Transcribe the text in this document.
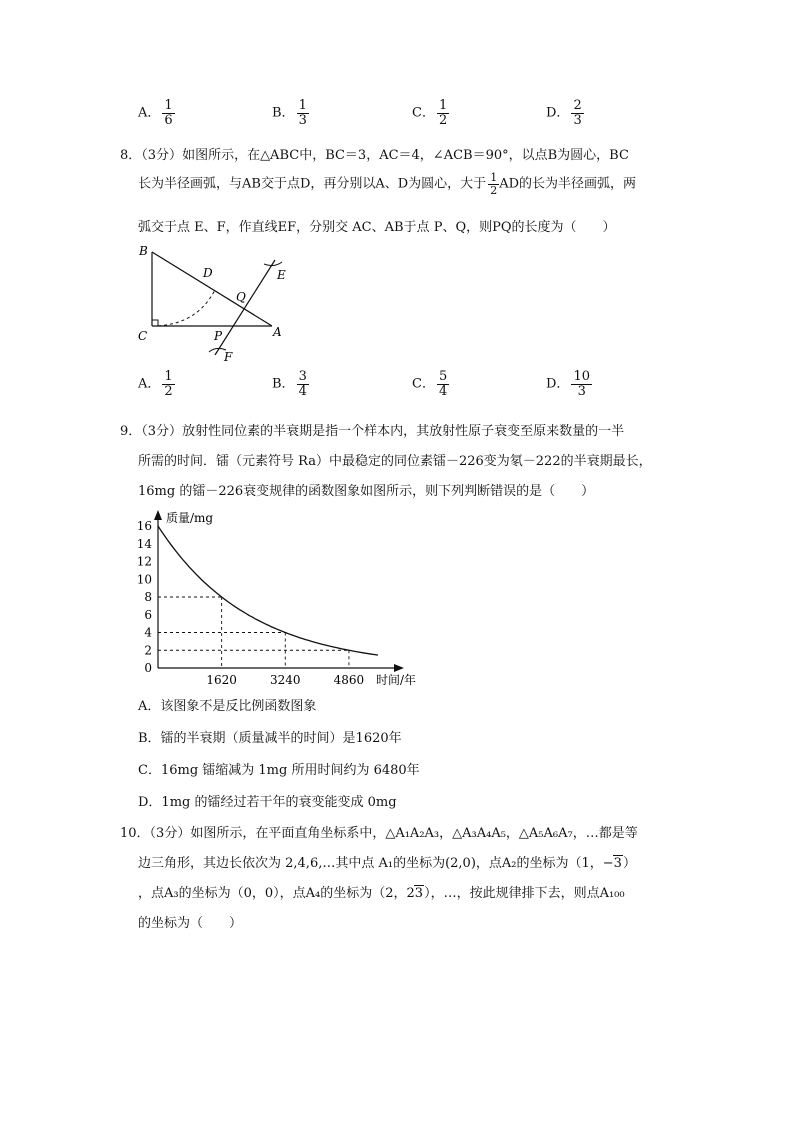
A． $\frac{1}{6}$	B． $\frac{1}{3}$	C． $\frac{1}{2}$	D． $\frac{2}{3}$
8．（3分）如图所示，在△ABC中，BC＝3，AC＝4，∠ACB＝90°，以点B为圆心，BC
长为半径画弧，与AB交于点D，再分别以A、D为圆心，大于 $\frac{1}{2}$ AD的长为半径画弧，两
弧交于点 E、F，作直线EF，分别交 AC、AB于点 P、Q，则PQ的长度为（　　）
B
C	A
D
Q
P
E
F
A． $\frac{1}{2}$	B． $\frac{3}{4}$	C． $\frac{5}{4}$	D． $\frac{10}{3}$
9．（3分）放射性同位素的半衰期是指一个样本内，其放射性原子衰变至原来数量的一半
所需的时间．镭（元素符号 Ra）中最稳定的同位素镭－226变为氡－222的半衰期最长，
16mg 的镭－226衰变规律的函数图象如图所示，则下列判断错误的是（　　）
质量/mg
时间/年
16
14
12
10
8
6
4
2
0
1620	3240	4860
A．该图象不是反比例函数图象
B．镭的半衰期（质量减半的时间）是1620年
C．16mg 镭缩减为 1mg 所用时间约为 6480年
D．1mg 的镭经过若干年的衰变能变成 0mg
10．（3分）如图所示，在平面直角坐标系中，△A₁A₂A₃，△A₃A₄A₅，△A₅A₆A₇，…都是等
边三角形，其边长依次为 2,4,6,…其中点 A₁的坐标为(2,0)，点A₂的坐标为（1，−3）
，点A₃的坐标为（0，0），点A₄的坐标为（2，23），…，按此规律排下去，则点A₁₀₀
的坐标为（　　）
